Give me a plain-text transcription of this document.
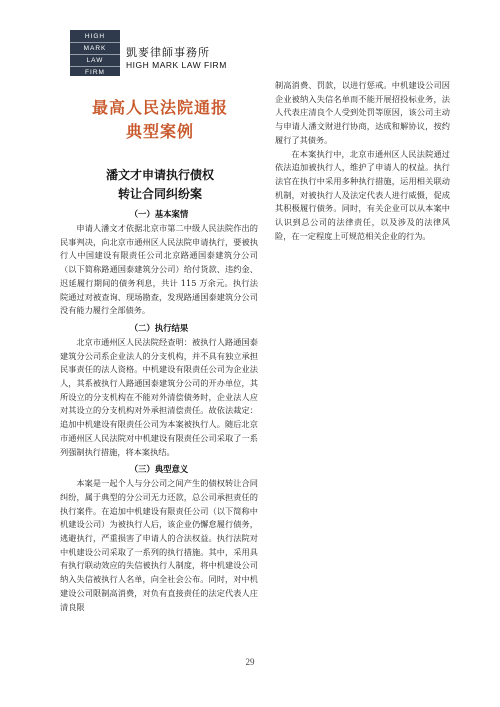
HIGH
MARK
LAW
FIRM
凱麥律師事務所
HIGH MARK LAW FIRM
最高人民法院通报
典型案例
潘文才申请执行债权
转让合同纠纷案
（一）基本案情

申请人潘文才依据北京市第二中级人民法院作出的民事判决，向北京市通州区人民法院申请执行，要被执行人中国建设有限责任公司北京路通国泰建筑分公司（以下简称路通国泰建筑分公司）给付货款、违约金、迟延履行期间的债务利息，共计 115 万余元。执行法院通过对被查询、现场勘查，发现路通国泰建筑分公司没有能力履行全部债务。

（二）执行结果

北京市通州区人民法院经查明：被执行人路通国泰建筑分公司系企业法人的分支机构，并不具有独立承担民事责任的法人资格。中机建设有限责任公司为企业法人，其系被执行人路通国泰建筑分公司的开办单位，其所设立的分支机构在不能对外清偿债务时，企业法人应对其设立的分支机构对外承担清偿责任。故依法裁定：追加中机建设有限责任公司为本案被执行人。随后北京市通州区人民法院对中机建设有限责任公司采取了一系列强制执行措施，将本案执结。

（三）典型意义

本案是一起个人与分公司之间产生的债权转让合同纠纷，属于典型的分公司无力还款，总公司承担责任的执行案件。在追加中机建设有限责任公司（以下简称中机建设公司）为被执行人后，该企业仍懈怠履行债务，逃避执行，严重损害了申请人的合法权益。执行法院对中机建设公司采取了一系列的执行措施。其中，采用具有执行联动效应的失信被执行人制度，将中机建设公司纳入失信被执行人名单，向全社会公布。同时，对中机建设公司限制高消费，对负有直接责任的法定代表人庄清良限

制高消费、罚款，以进行惩戒。中机建设公司因企业被纳入失信名单而不能开展招投标业务，法人代表庄清良个人受到处罚等原因，该公司主动与申请人潘文财进行协商，达成和解协议，按约履行了其债务。

在本案执行中，北京市通州区人民法院通过依法追加被执行人，维护了申请人的权益。执行法官在执行中采用多种执行措施，运用相关联动机制，对被执行人及法定代表人进行威慑，促成其积极履行债务。同时，有关企业可以从本案中认识到总公司的法律责任，以及涉及的法律风险，在一定程度上可规范相关企业的行为。

29
